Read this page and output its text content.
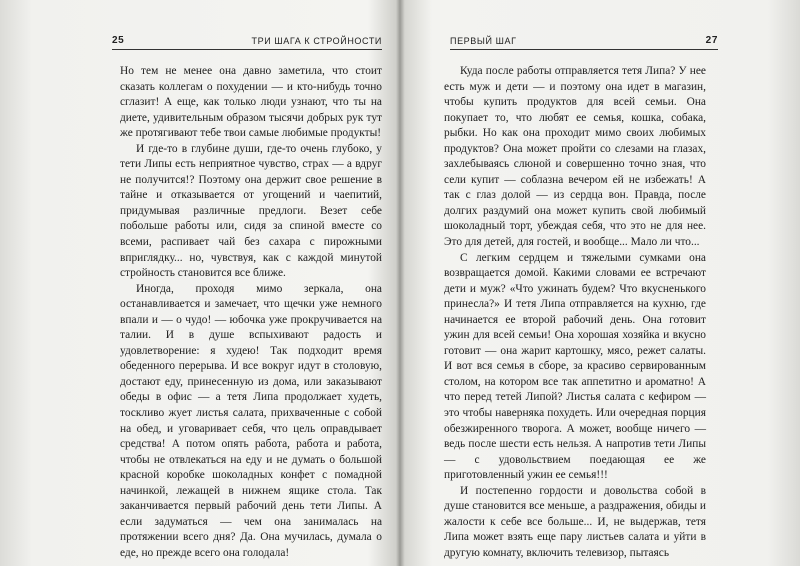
25	ТРИ ШАГА К СТРОЙНОСТИ

Но тем не менее она давно заметила, что стоит сказать коллегам о похудении — и кто-нибудь точно сглазит! А еще, как только люди узнают, что ты на диете, удивительным образом тысячи добрых рук тут же протягивают тебе твои самые любимые продукты!

И где-то в глубине души, где-то очень глубоко, у тети Липы есть неприятное чувство, страх — а вдруг не получится!? Поэтому она держит свое решение в тайне и отказывается от угощений и чаепитий, придумывая различные предлоги. Везет себе побольше работы или, сидя за спиной вместе со всеми, распивает чай без сахара с пирожными вприглядку... но, чувствуя, как с каждой минутой стройность становится все ближе.

Иногда, проходя мимо зеркала, она останавливается и замечает, что щечки уже немного впали и — о чудо! — юбочка уже прокручивается на талии. И в душе вспыхивают радость и удовлетворение: я худею! Так подходит время обеденного перерыва. И все вокруг идут в столовую, достают еду, принесенную из дома, или заказывают обеды в офис — а тетя Липа продолжает худеть, тоскливо жует листья салата, прихваченные с собой на обед, и уговаривает себя, что цель оправдывает средства! А потом опять работа, работа и работа, чтобы не отвлекаться на еду и не думать о большой красной коробке шоколадных конфет с помадной начинкой, лежащей в нижнем ящике стола. Так заканчивается первый рабочий день тети Липы. А если задуматься — чем она занималась на протяжении всего дня? Да. Она мучилась, думала о еде, но прежде всего она голодала!

ПЕРВЫЙ ШАГ	27

Куда после работы отправляется тетя Липа? У нее есть муж и дети — и поэтому она идет в магазин, чтобы купить продуктов для всей семьи. Она покупает то, что любят ее семья, кошка, собака, рыбки. Но как она проходит мимо своих любимых продуктов? Она может пройти со слезами на глазах, захлебываясь слюной и совершенно точно зная, что сели купит — соблазна вечером ей не избежать! А так с глаз долой — из сердца вон. Правда, после долгих раздумий она может купить свой любимый шоколадный торт, убеждая себя, что это не для нее. Это для детей, для гостей, и вообще... Мало ли что...

С легким сердцем и тяжелыми сумками она возвращается домой. Какими словами ее встречают дети и муж? «Что ужинать будем? Что вкусненького принесла?» И тетя Липа отправляется на кухню, где начинается ее второй рабочий день. Она готовит ужин для всей семьи! Она хорошая хозяйка и вкусно готовит — она жарит картошку, мясо, режет салаты. И вот вся семья в сборе, за красиво сервированным столом, на котором все так аппетитно и ароматно! А что перед тетей Липой? Листья салата с кефиром — это чтобы наверняка похудеть. Или очередная порция обезжиренного творога. А может, вообще ничего — ведь после шести есть нельзя. А напротив тети Липы — с удовольствием поедающая ее же приготовленный ужин ее семья!!!

И постепенно гордости и довольства собой в душе становится все меньше, а раздражения, обиды и жалости к себе все больше... И, не выдержав, тетя Липа может взять еще пару листьев салата и уйти в другую комнату, включить телевизор, пытаясь
